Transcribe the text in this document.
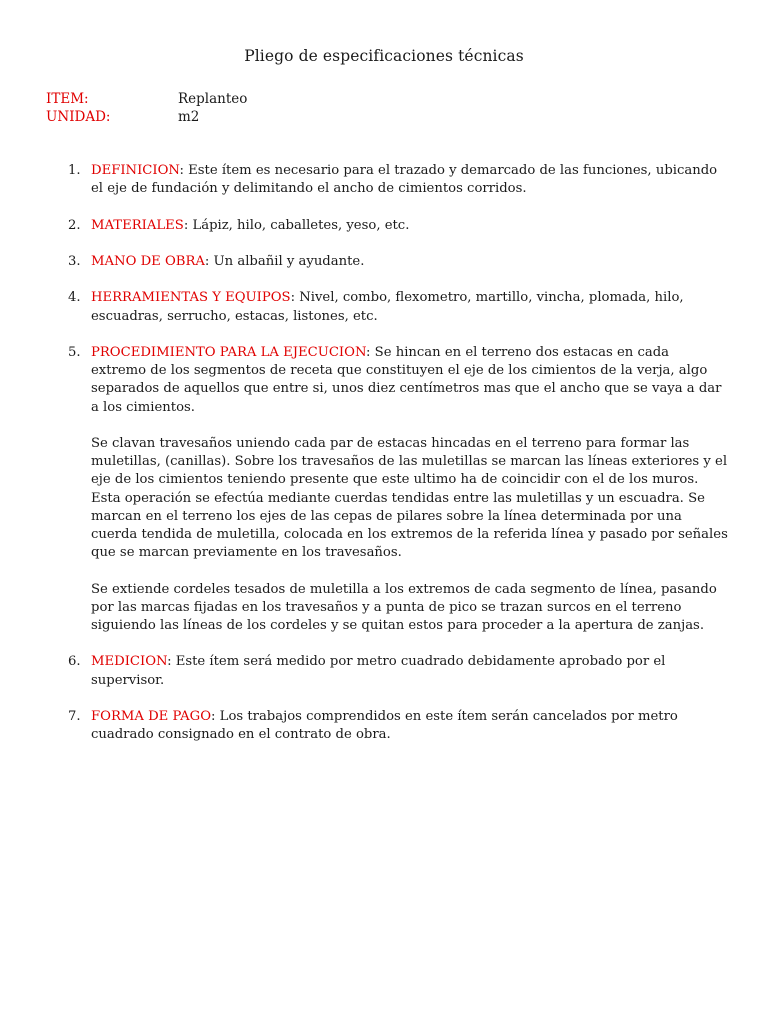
Pliego de especificaciones técnicas
ITEM:	Replanteo
UNIDAD:	m2
1. DEFINICION: Este ítem es necesario para el trazado y demarcado de las funciones, ubicando el eje de fundación y delimitando el ancho de cimientos corridos.

2. MATERIALES: Lápiz, hilo, caballetes, yeso, etc.

3. MANO DE OBRA: Un albañil y ayudante.

4. HERRAMIENTAS Y EQUIPOS: Nivel, combo, flexometro, martillo, vincha, plomada, hilo, escuadras, serrucho, estacas, listones, etc.

5. PROCEDIMIENTO PARA LA EJECUCION: Se hincan en el terreno dos estacas en cada extremo de los segmentos de receta que constituyen el eje de los cimientos de la verja, algo separados de aquellos que entre si, unos diez centímetros mas que el ancho que se vaya a dar a los cimientos.

Se clavan travesaños uniendo cada par de estacas hincadas en el terreno para formar las muletillas, (canillas). Sobre los travesaños de las muletillas se marcan las líneas exteriores y el eje de los cimientos teniendo presente que este ultimo ha de coincidir con el de los muros. Esta operación se efectúa mediante cuerdas tendidas entre las muletillas y un escuadra. Se marcan en el terreno los ejes de las cepas de pilares sobre la línea determinada por una cuerda tendida de muletilla, colocada en los extremos de la referida línea y pasado por señales que se marcan previamente en los travesaños.

Se extiende cordeles tesados de muletilla a los extremos de cada segmento de línea, pasando por las marcas fijadas en los travesaños y a punta de pico se trazan surcos en el terreno siguiendo las líneas de los cordeles y se quitan estos para proceder a la apertura de zanjas.

6. MEDICION: Este ítem será medido por metro cuadrado debidamente aprobado por el supervisor.

7. FORMA DE PAGO: Los trabajos comprendidos en este ítem serán cancelados por metro cuadrado consignado en el contrato de obra.
